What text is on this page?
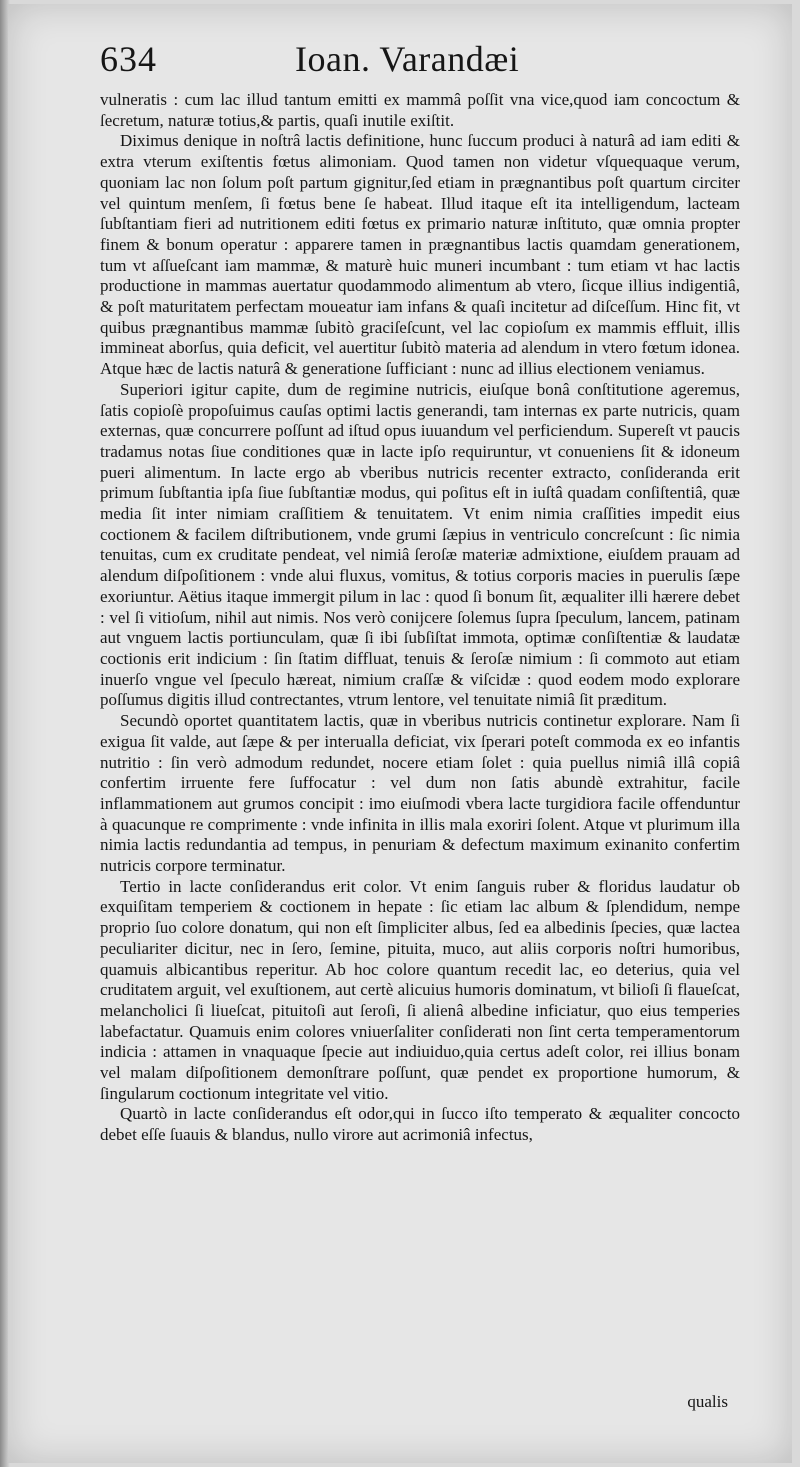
634	Ioan. Varandæi

vulneratis : cum lac illud tantum emitti ex mammâ poſſit vna vice,quod iam concoctum & ſecretum, naturæ totius,& partis, quaſi inutile exiſtit.

Diximus denique in noſtrâ lactis definitione, hunc ſuccum produci à naturâ ad iam editi & extra vterum exiſtentis fœtus alimoniam. Quod tamen non videtur vſquequaque verum, quoniam lac non ſolum poſt partum gignitur,ſed etiam in prægnantibus poſt quartum circiter vel quintum menſem, ſi fœtus bene ſe habeat. Illud itaque eſt ita intelligendum, lacteam ſubſtantiam fieri ad nutritionem editi fœtus ex primario naturæ inſtituto, quæ omnia propter finem & bonum operatur : apparere tamen in prægnantibus lactis quamdam generationem, tum vt aſſueſcant iam mammæ, & maturè huic muneri incumbant : tum etiam vt hac lactis productione in mammas auertatur quodammodo alimentum ab vtero, ſicque illius indigentiâ, & poſt maturitatem perfectam moueatur iam infans & quaſi incitetur ad diſceſſum. Hinc fit, vt quibus prægnantibus mammæ ſubitò graciſeſcunt, vel lac copioſum ex mammis effluit, illis immineat aborſus, quia deficit, vel auertitur ſubitò materia ad alendum in vtero fœtum idonea. Atque hæc de lactis naturâ & generatione ſufficiant : nunc ad illius electionem veniamus.

Superiori igitur capite, dum de regimine nutricis, eiuſque bonâ conſtitutione ageremus, ſatis copioſè propoſuimus cauſas optimi lactis generandi, tam internas ex parte nutricis, quam externas, quæ concurrere poſſunt ad iſtud opus iuuandum vel perficiendum. Supereſt vt paucis tradamus notas ſiue conditiones quæ in lacte ipſo requiruntur, vt conueniens ſit & idoneum pueri alimentum. In lacte ergo ab vberibus nutricis recenter extracto, conſideranda erit primum ſubſtantia ipſa ſiue ſubſtantiæ modus, qui poſitus eſt in iuſtâ quadam conſiſtentiâ, quæ media ſit inter nimiam craſſitiem & tenuitatem. Vt enim nimia craſſities impedit eius coctionem & facilem diſtributionem, vnde grumi ſæpius in ventriculo concreſcunt : ſic nimia tenuitas, cum ex cruditate pendeat, vel nimiâ ſeroſæ materiæ admixtione, eiuſdem prauam ad alendum diſpoſitionem : vnde alui fluxus, vomitus, & totius corporis macies in puerulis ſæpe exoriuntur. Aëtius itaque immergit pilum in lac : quod ſi bonum ſit, æqualiter illi hærere debet : vel ſi vitioſum, nihil aut nimis. Nos verò conijcere ſolemus ſupra ſpeculum, lancem, patinam aut vnguem lactis portiunculam, quæ ſi ibi ſubſiſtat immota, optimæ conſiſtentiæ & laudatæ coctionis erit indicium : ſin ſtatim diffluat, tenuis & ſeroſæ nimium : ſi commoto aut etiam inuerſo vngue vel ſpeculo hæreat, nimium craſſæ & viſcidæ : quod eodem modo explorare poſſumus digitis illud contrectantes, vtrum lentore, vel tenuitate nimiâ ſit præditum.

Secundò oportet quantitatem lactis, quæ in vberibus nutricis continetur explorare. Nam ſi exigua ſit valde, aut ſæpe & per interualla deficiat, vix ſperari poteſt commoda ex eo infantis nutritio : ſin verò admodum redundet, nocere etiam ſolet : quia puellus nimiâ illâ copiâ confertim irruente fere ſuffocatur : vel dum non ſatis abundè extrahitur, facile inflammationem aut grumos concipit : imo eiuſmodi vbera lacte turgidiora facile offenduntur à quacunque re comprimente : vnde infinita in illis mala exoriri ſolent. Atque vt plurimum illa nimia lactis redundantia ad tempus, in penuriam & defectum maximum exinanito confertim nutricis corpore terminatur.

Tertio in lacte conſiderandus erit color. Vt enim ſanguis ruber & floridus laudatur ob exquiſitam temperiem & coctionem in hepate : ſic etiam lac album & ſplendidum, nempe proprio ſuo colore donatum, qui non eſt ſimpliciter albus, ſed ea albedinis ſpecies, quæ lactea peculiariter dicitur, nec in ſero, ſemine, pituita, muco, aut aliis corporis noſtri humoribus, quamuis albicantibus reperitur. Ab hoc colore quantum recedit lac, eo deterius, quia vel cruditatem arguit, vel exuſtionem, aut certè alicuius humoris dominatum, vt bilioſi ſi flaueſcat, melancholici ſi liueſcat, pituitoſi aut ſeroſi, ſi alienâ albedine inficiatur, quo eius temperies labefactatur. Quamuis enim colores vniuerſaliter conſiderati non ſint certa temperamentorum indicia : attamen in vnaquaque ſpecie aut indiuiduo,quia certus adeſt color, rei illius bonam vel malam diſpoſitionem demonſtrare poſſunt, quæ pendet ex proportione humorum, & ſingularum coctionum integritate vel vitio.

Quartò in lacte conſiderandus eſt odor,qui in ſucco iſto temperato & æqualiter concocto debet eſſe ſuauis & blandus, nullo virore aut acrimoniâ infectus,

qualis
